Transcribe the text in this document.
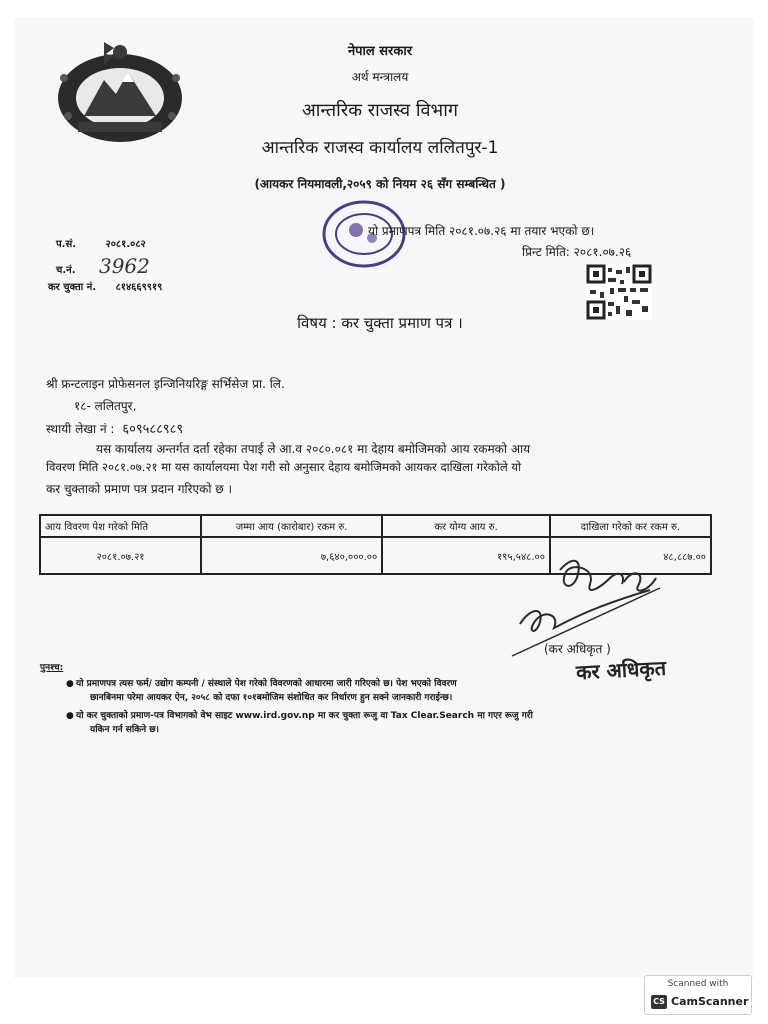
नेपाल सरकार
अर्थ मन्त्रालय
आन्तरिक राजस्व विभाग
आन्तरिक राजस्व कार्यालय ललितपुर-1
(आयकर नियमावली,२०५९ को नियम २६ सँग सम्बन्धित )
यो प्रमाणपत्र मिति २०८१.०७.२६ मा तयार भएको छ।
प्रिन्ट मिति: २०८१.०७.२६
प.सं.	२०८१.०८२
च.नं. 3962
कर चुक्ता नं. ८१४६६९९१९
विषय : कर चुक्ता प्रमाण पत्र ।
श्री फ्रन्टलाइन प्रोफेसनल इन्जिनियरिङ्ग सर्भिसेज प्रा. लि.
१८- ललितपुर,
स्थायी लेखा नं : ६०९५८८९८९
यस कार्यालय अन्तर्गत दर्ता रहेका तपाई ले आ.व २०८०.०८१ मा देहाय बमोजिमको आय रकमको आय
विवरण मिति २०८१.०७.२१ मा यस कार्यालयमा पेश गरी सो अनुसार देहाय बमोजिमको आयकर दाखिला गरेकोले यो
कर चुक्ताको प्रमाण पत्र प्रदान गरिएको छ ।
आय विवरण पेश गरेको मिति	जम्मा आय (कारोबार) रकम रु.	कर योग्य आय रु.	दाखिला गरेको कर रकम रु.
२०८१.०७.२१	७,६४०,०००.००	१९५,५४८.००	४८,८८७.००
(कर अधिकृत )
कर अधिकृत
पुनश्च:
● यो प्रमाणपत्र त्यस फर्म/ उद्योग कम्पनी / संस्थाले पेश गरेको विवरणको आधारमा जारी गरिएको छ। पेश भएको विवरण
छानबिनमा परेमा आयकर ऐन, २०५८ को दफा १०१बमोजिम संशोधित कर निर्धारण हुन सक्ने जानकारी गराईन्छ।
● यो कर चुक्ताको प्रमाण-पत्र विभागको वेभ साइट www.ird.gov.np मा कर चुक्ता रूजु वा Tax Clear.Search मा गएर रूजु गरी
यकिन गर्न सकिने छ।
Scanned with
CS CamScanner
